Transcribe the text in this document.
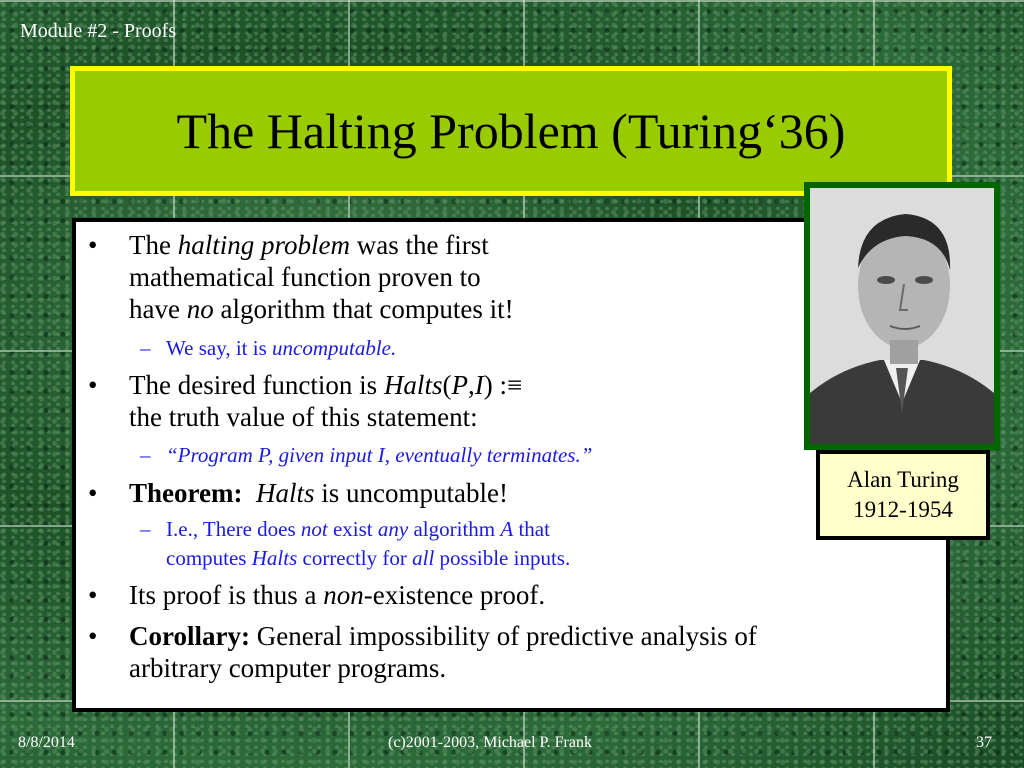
Module #2 - Proofs
The Halting Problem (Turing‘36)
• The halting problem was the first
mathematical function proven to
have no algorithm that computes it!
– We say, it is uncomputable.
• The desired function is Halts(P,I) :≡
the truth value of this statement:
– “Program P, given input I, eventually terminates.”
• Theorem: Halts is uncomputable!
– I.e., There does not exist any algorithm A that
computes Halts correctly for all possible inputs.
• Its proof is thus a non-existence proof.
• Corollary: General impossibility of predictive analysis of
arbitrary computer programs.
Alan Turing
1912-1954
8/8/2014	(c)2001-2003, Michael P. Frank	37
